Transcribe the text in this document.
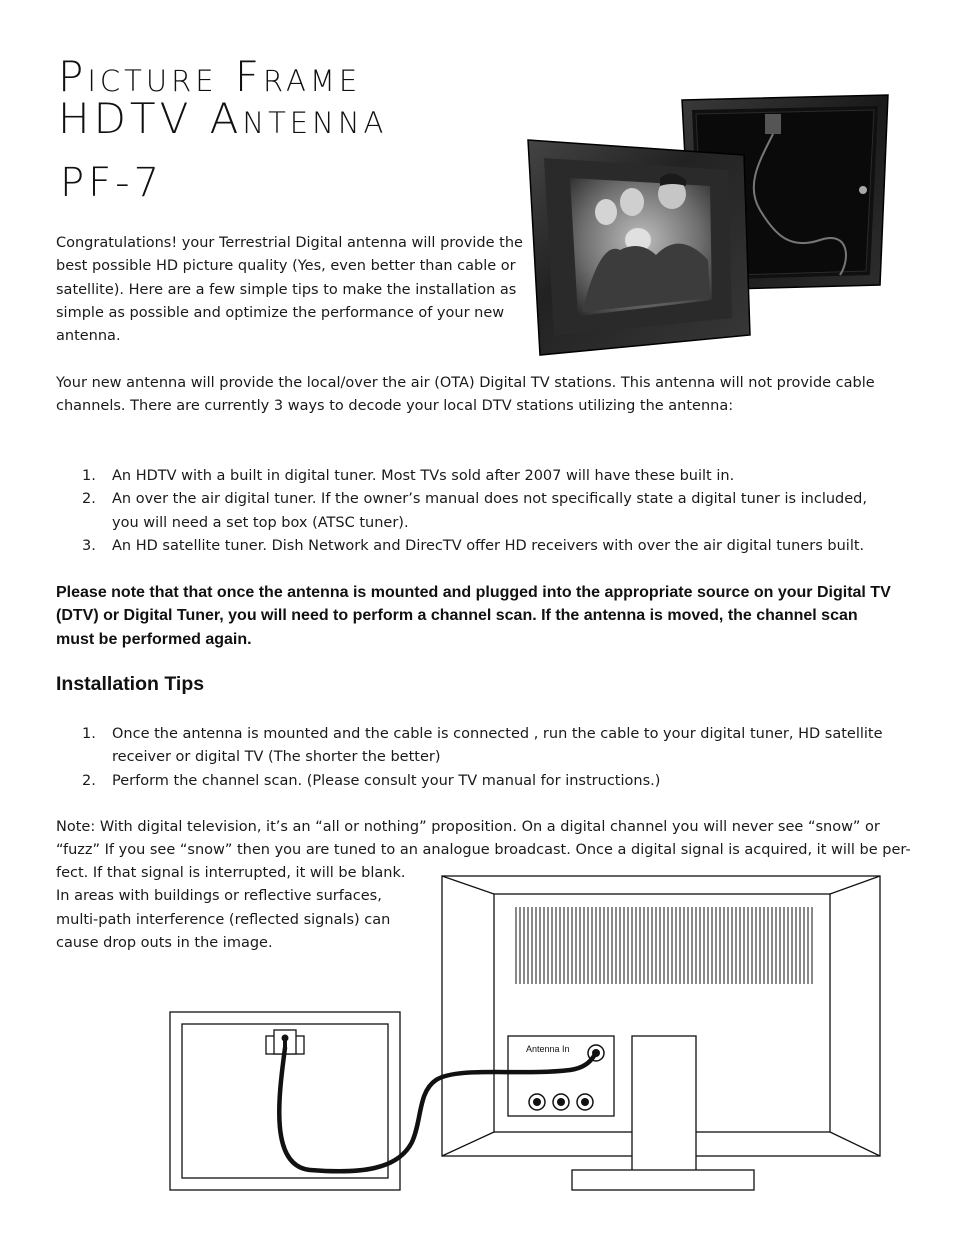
Picture Frame
HDTV Antenna
PF-7
Congratulations! your Terrestrial Digital antenna will provide the best possible HD picture quality (Yes, even better than cable or satellite). Here are a few simple tips to make the installation as simple as possible and optimize the performance of your new antenna.
Your new antenna will provide the local/over the air (OTA) Digital TV stations. This antenna will not provide cable channels. There are currently 3 ways to decode your local DTV stations utilizing the antenna:
1. An HDTV with a built in digital tuner. Most TVs sold after 2007 will have these built in.
2. An over the air digital tuner. If the owner’s manual does not specifically state a digital tuner is included, you will need a set top box (ATSC tuner).
3. An HD satellite tuner. Dish Network and DirecTV offer HD receivers with over the air digital tuners built.
Please note that that once the antenna is mounted and plugged into the appropriate source on your Digital TV (DTV) or Digital Tuner, you will need to perform a channel scan. If the antenna is moved, the channel scan must be performed again.
Installation Tips
1. Once the antenna is mounted and the cable is connected , run the cable to your digital tuner, HD satellite receiver or digital TV (The shorter the better)
2. Perform the channel scan. (Please consult your TV manual for instructions.)
Note: With digital television, it’s an “all or nothing” proposition. On a digital channel you will never see “snow” or
“fuzz” If you see “snow” then you are tuned to an analogue broadcast. Once a digital signal is acquired, it will be per-
fect. If that signal is interrupted, it will be blank.
In areas with buildings or reflective surfaces,
multi-path interference (reflected signals) can
cause drop outs in the image.
Antenna In
